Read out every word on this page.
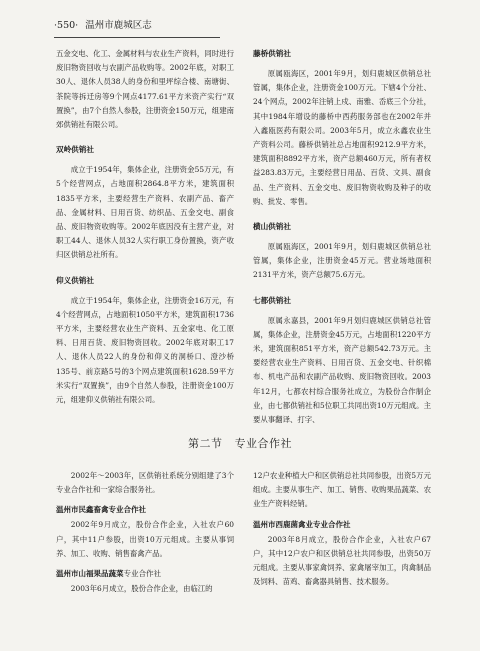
·550· 温州市鹿城区志

五金交电、化工、金属材料与农业生产资料，同时进行废旧物资回收与农副产品收购等。2002年底，对职工30人、退休人员38人的身份和里坪综合楼、南塘街、茶院等拆迁房等9个网点4177.61平方米资产实行“双置换”，由7个自然人参股，注册资金150万元，组建南郊供销社有限公司。

双岭供销社

成立于1954年，集体企业，注册资金55万元，有5个经营网点，占地面积2864.8平方米，建筑面积1835平方米，主要经营生产资料、农副产品、畜产品、金属材料、日用百货、纺织品、五金交电、副食品、废旧物资收购等。2002年底因没有主营产业，对职工44人、退休人员32人实行职工身份置换，资产收归区供销总社所有。

仰义供销社

成立于1954年，集体企业，注册资金16万元，有4个经营网点，占地面积1050平方米，建筑面积1736平方米，主要经营农业生产资料、五金家电、化工原料、日用百货、废旧物资回收。2002年底对职工17人、退休人员22人的身份和仰义的洞桥口、澄沙桥135号、前京路5号的3个网点建筑面积1628.59平方米实行“双置换”，由9个自然人参股，注册资金100万元，组建仰义供销社有限公司。

藤桥供销社

原属瓯海区，2001年9月，划归鹿城区供销总社管属，集体企业，注册资金100万元。下辖4个分社、24个网点，2002年注销上戍、南雅、岙底三个分社，其中1984年增设的藤桥中西药服务部也在2002年并入鑫瓯医药有限公司。2003年5月，成立永鑫农业生产资料公司。藤桥供销社总占地面积9212.9平方米，建筑面积8892平方米，资产总额460万元，所有者权益283.83万元，主要经营日用品、百货、文具、副食品、生产资料、五金交电、废旧物资收购及种子的收购、批发、零售。

横山供销社

原属瓯海区，2001年9月，划归鹿城区供销总社管属，集体企业，注册资金45万元。营业场地面积2131平方米，资产总额75.6万元。

七都供销社

原属永嘉县，2001年9月划归鹿城区供销总社管属，集体企业，注册资金45万元，占地面积1220平方米，建筑面积851平方米，资产总额542.73万元。主要经营农业生产资料、日用百货、五金交电、针织棉布、机电产品和农副产品收购、废旧物资回收。2003年12月，七都农村综合服务社成立，为股份合作制企业，由七都供销社和5位职工共同出资10万元组成。主要从事翻译、打字、

第二节 专业合作社

2002年～2003年，区供销社系统分别组建了3个专业合作社和一家综合服务社。

温州市民鑫畜禽专业合作社

2002年9月成立，股份合作企业，入社农户60户，其中11户参股，出资10万元组成。主要从事饲养、加工、收购、销售畜禽产品。

温州市山福果品蔬菜专业合作社

2003年6月成立，股份合作企业，由临江的

12户农业种植大户和区供销总社共同参股，出资5万元组成。主要从事生产、加工、销售、收购果品蔬菜、农业生产资料经销。

温州市西鹿菌禽业专业合作社

2003年8月成立，股份合作企业，入社农户67户，其中12户农户和区供销总社共同参股，出资50万元组成。主要从事家禽饲养、家禽屠宰加工，肉禽制品及饲料、苗鸡、畜禽器具销售、技术服务。
